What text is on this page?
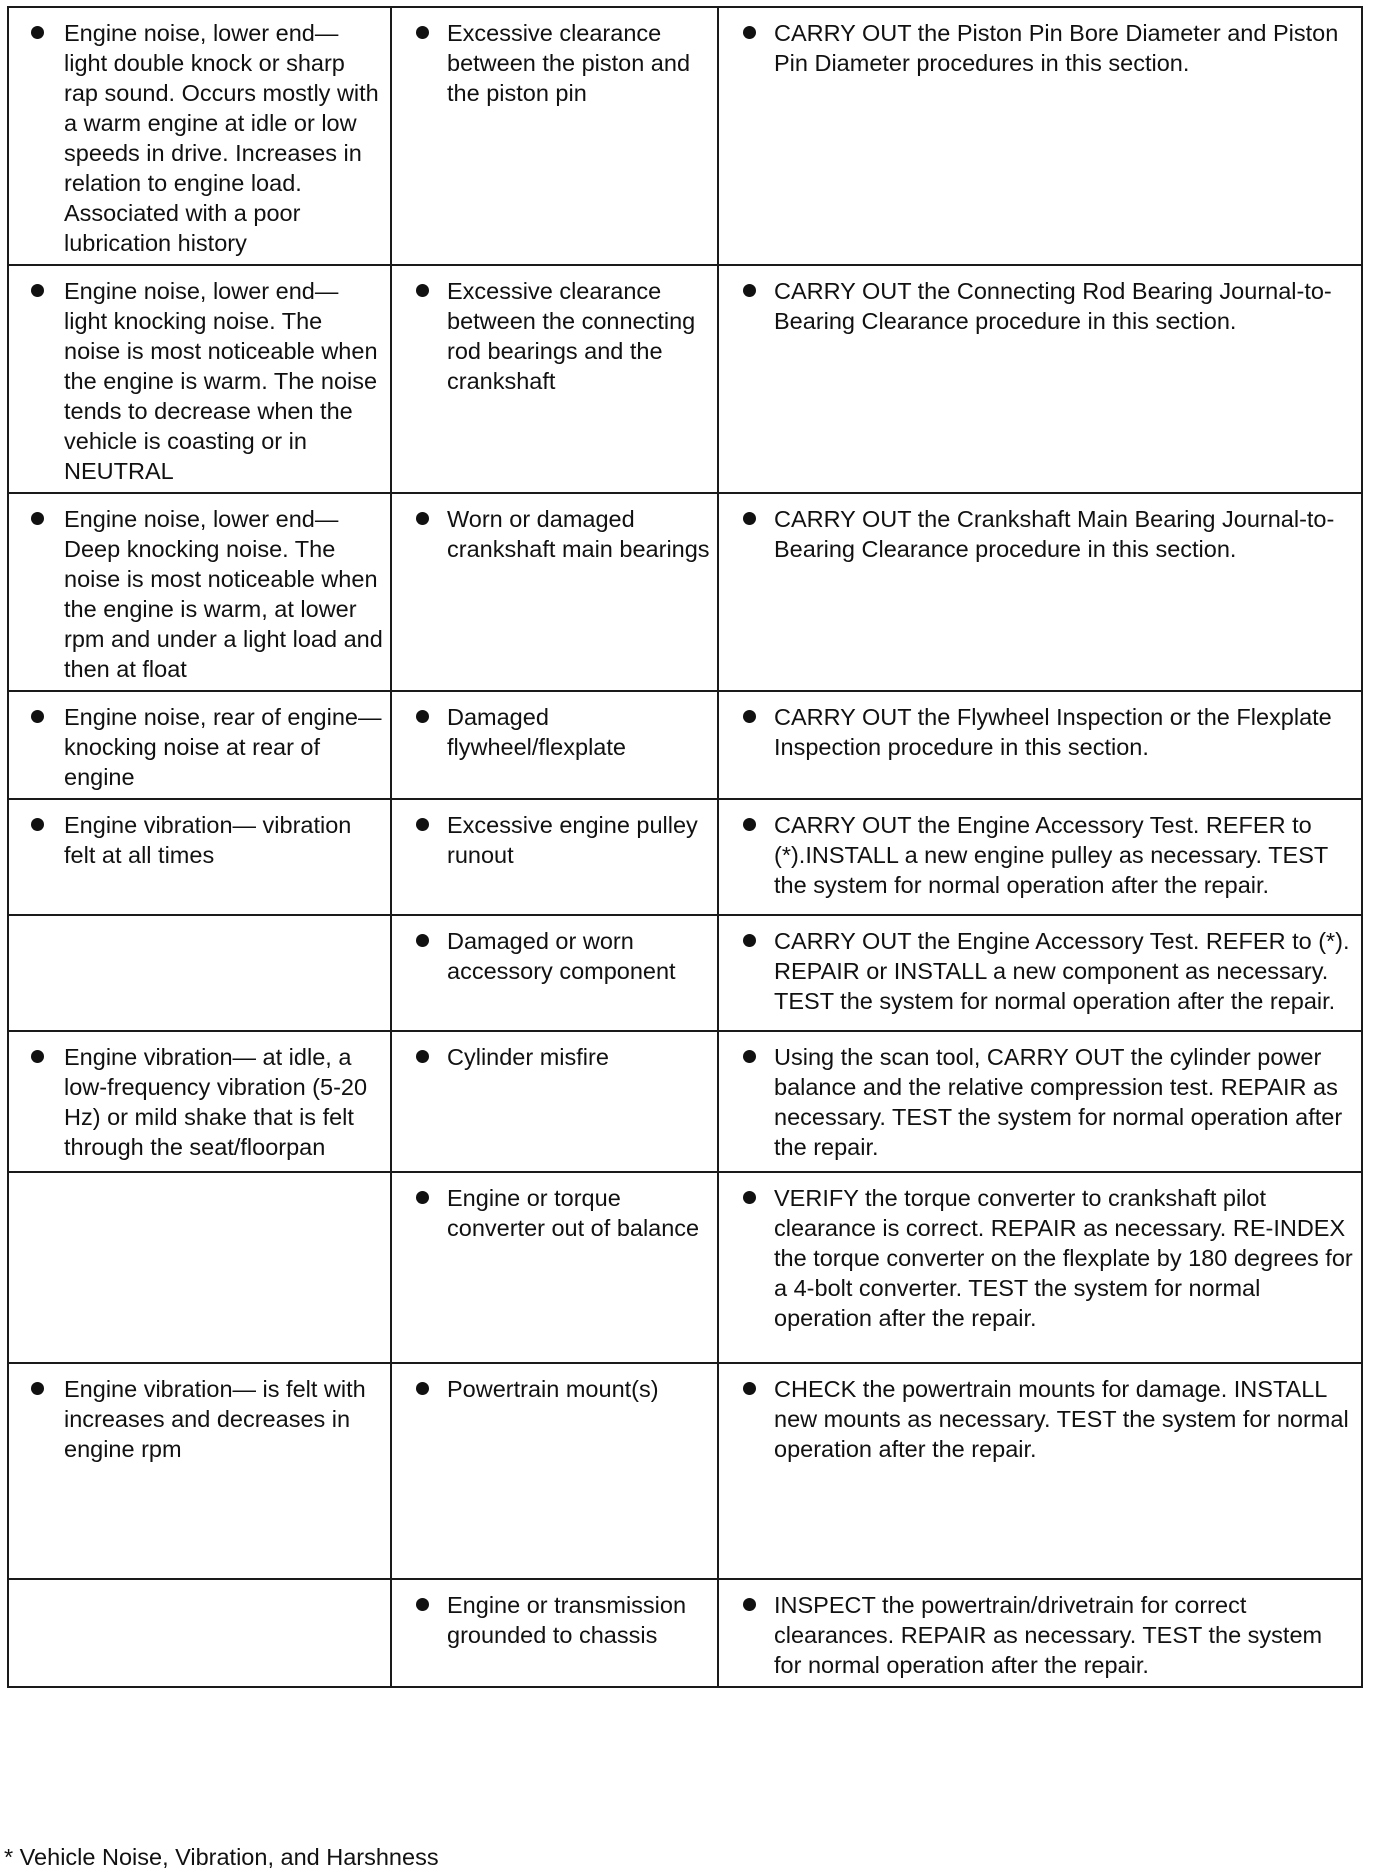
Engine noise, lower end— light double knock or sharp rap sound. Occurs mostly with a warm engine at idle or low speeds in drive. Increases in relation to engine load. Associated with a poor lubrication history	Excessive clearance between the piston and the piston pin	CARRY OUT the Piston Pin Bore Diameter and Piston Pin Diameter procedures in this section.

Engine noise, lower end— light knocking noise. The noise is most noticeable when the engine is warm. The noise tends to decrease when the vehicle is coasting or in NEUTRAL	Excessive clearance between the connecting rod bearings and the crankshaft	CARRY OUT the Connecting Rod Bearing Journal-to-Bearing Clearance procedure in this section.

Engine noise, lower end— Deep knocking noise. The noise is most noticeable when the engine is warm, at lower rpm and under a light load and then at float	Worn or damaged crankshaft main bearings	CARRY OUT the Crankshaft Main Bearing Journal-to-Bearing Clearance procedure in this section.

Engine noise, rear of engine— knocking noise at rear of engine	Damaged flywheel/flexplate	CARRY OUT the Flywheel Inspection or the Flexplate Inspection procedure in this section.

Engine vibration— vibration felt at all times	Excessive engine pulley runout	CARRY OUT the Engine Accessory Test. REFER to (*).INSTALL a new engine pulley as necessary. TEST the system for normal operation after the repair.

	Damaged or worn accessory component	CARRY OUT the Engine Accessory Test. REFER to (*). REPAIR or INSTALL a new component as necessary. TEST the system for normal operation after the repair.

Engine vibration— at idle, a low-frequency vibration (5-20 Hz) or mild shake that is felt through the seat/floorpan	Cylinder misfire	Using the scan tool, CARRY OUT the cylinder power balance and the relative compression test. REPAIR as necessary. TEST the system for normal operation after the repair.

	Engine or torque converter out of balance	VERIFY the torque converter to crankshaft pilot clearance is correct. REPAIR as necessary. RE-INDEX the torque converter on the flexplate by 180 degrees for a 4-bolt converter. TEST the system for normal operation after the repair.

Engine vibration— is felt with increases and decreases in engine rpm	Powertrain mount(s)	CHECK the powertrain mounts for damage. INSTALL new mounts as necessary. TEST the system for normal operation after the repair.

	Engine or transmission grounded to chassis	INSPECT the powertrain/drivetrain for correct clearances. REPAIR as necessary. TEST the system for normal operation after the repair.
* Vehicle Noise, Vibration, and Harshness
